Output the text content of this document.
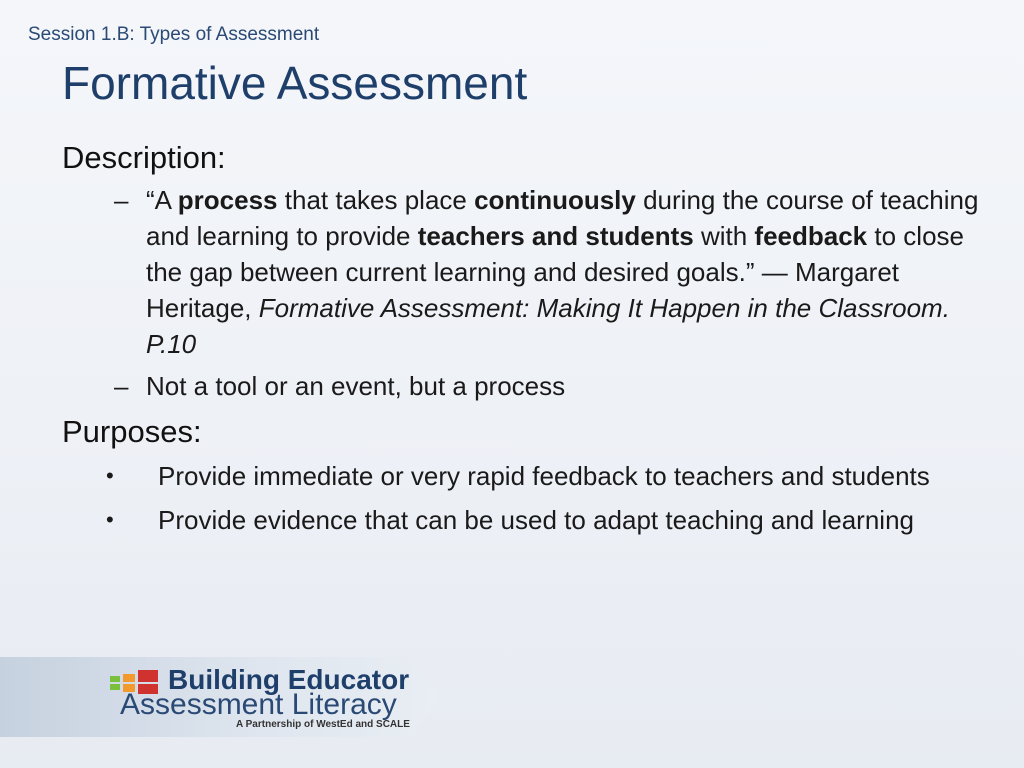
Session 1.B: Types of Assessment
Formative Assessment
Description:
– “A process that takes place continuously during the course of teaching and learning to provide teachers and students with feedback to close the gap between current learning and desired goals.” — Margaret Heritage, Formative Assessment: Making It Happen in the Classroom. P.10
– Not a tool or an event, but a process
Purposes:
• Provide immediate or very rapid feedback to teachers and students
• Provide evidence that can be used to adapt teaching and learning
Building Educator
Assessment Literacy
A Partnership of WestEd and SCALE
